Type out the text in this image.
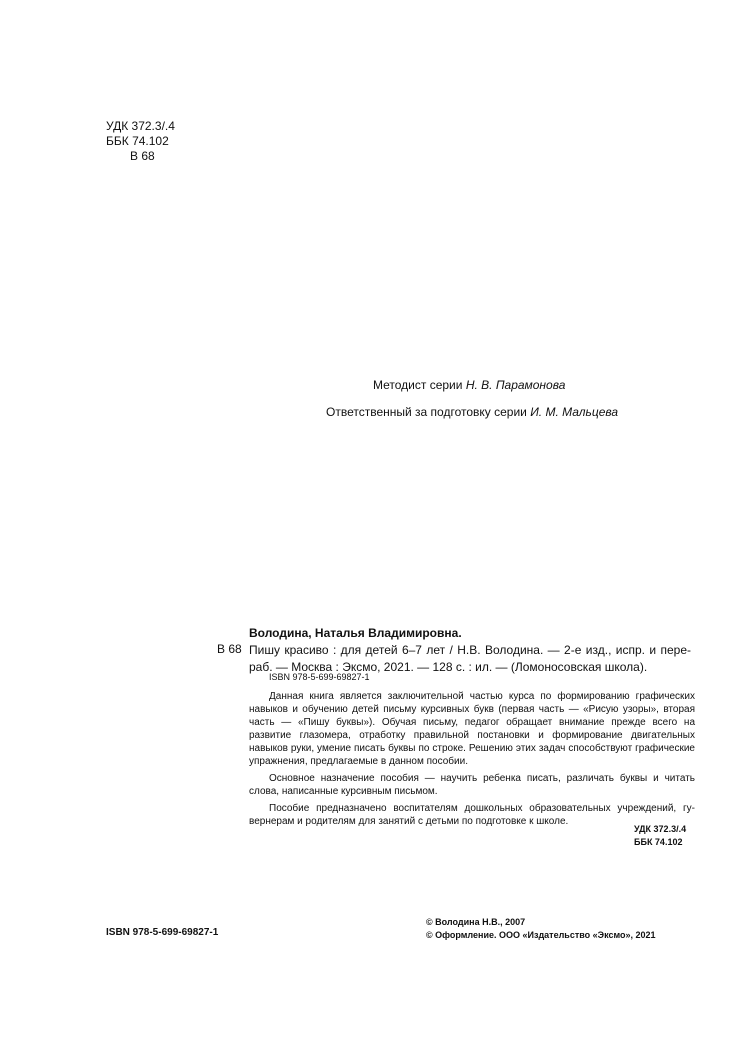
УДК 372.3/.4
ББК 74.102
В 68
Методист серии Н. В. Парамонова
Ответственный за подготовку серии И. М. Мальцева
Володина, Наталья Владимировна.
В 68 Пишу красиво : для детей 6–7 лет / Н.В. Володина. — 2-е изд., испр. и перераб. — Москва : Эксмо, 2021. — 128 с. : ил. — (Ломоносовская школа).
ISBN 978-5-699-69827-1

Данная книга является заключительной частью курса по формированию графических навыков и обучению детей письму курсивных букв (первая часть — «Рисую узоры», вторая часть — «Пишу буквы»). Обучая письму, педагог обращает внимание прежде всего на развитие глазомера, отработку правильной постановки и формирование двигательных навыков руки, умение писать буквы по строке. Решению этих задач способствуют графические упражнения, предлагаемые в данном пособии.

Основное назначение пособия — научить ребенка писать, различать буквы и читать слова, написанные курсивным письмом.

Пособие предназначено воспитателям дошкольных образовательных учреждений, гувернерам и родителям для занятий с детьми по подготовке к школе.

УДК 372.3/.4
ББК 74.102
ISBN 978-5-699-69827-1
© Володина Н.В., 2007
© Оформление. ООО «Издательство «Эксмо», 2021
